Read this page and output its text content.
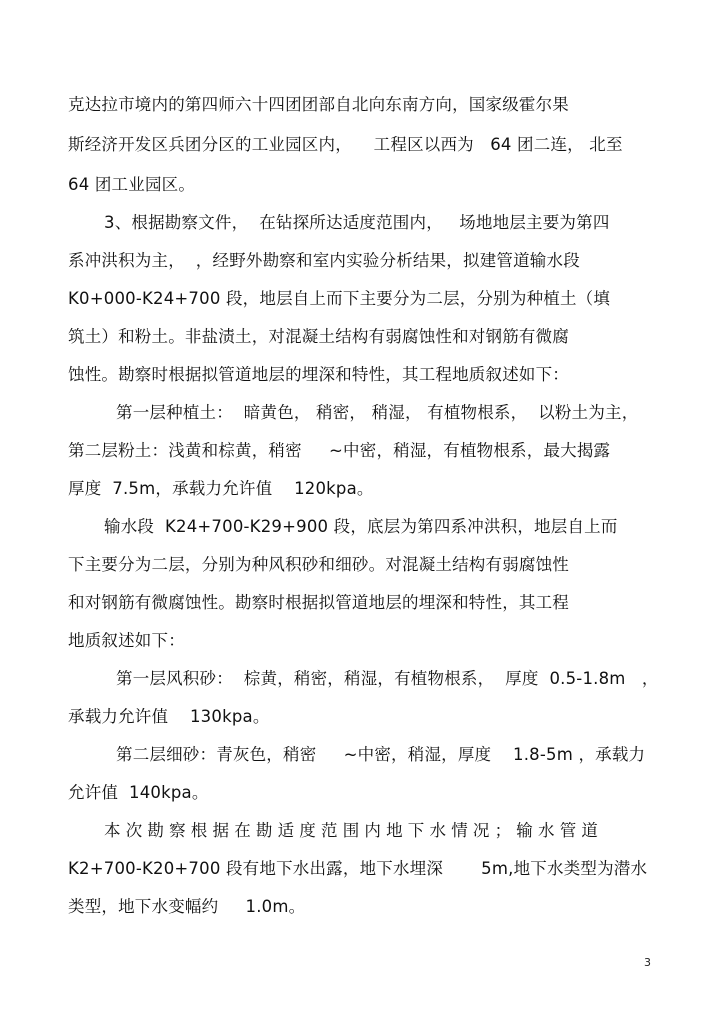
克达拉市境内的第四师六十四团团部自北向东南方向，国家级霍尔果
斯经济开发区兵团分区的工业园区内，    工程区以西为   64 团二连， 北至
64 团工业园区。
3、根据勘察文件，  在钻探所达适度范围内，   场地地层主要为第四
系冲洪积为主，  ，经野外勘察和室内实验分析结果，拟建管道输水段
K0+000-K24+700 段，地层自上而下主要分为二层，分别为种植土（填
筑土）和粉土。非盐渍土，对混凝土结构有弱腐蚀性和对钢筋有微腐
蚀性。勘察时根据拟管道地层的埋深和特性，其工程地质叙述如下：
第一层种植土：  暗黄色， 稍密， 稍湿， 有植物根系，  以粉土为主，
第二层粉土：浅黄和棕黄，稍密     ~中密，稍湿，有植物根系，最大揭露
厚度  7.5m，承载力允许值    120kpa。
输水段  K24+700-K29+900 段，底层为第四系冲洪积，地层自上而
下主要分为二层，分别为种风积砂和细砂。对混凝土结构有弱腐蚀性
和对钢筋有微腐蚀性。勘察时根据拟管道地层的埋深和特性，其工程
地质叙述如下：
第一层风积砂：  棕黄，稍密，稍湿，有植物根系，  厚度  0.5-1.8m   ，
承载力允许值    130kpa。
第二层细砂：青灰色，稍密     ~中密，稍湿，厚度    1.8-5m ，承载力
允许值  140kpa。
本次勘察根据在勘适度范围内地下水情况；输水管道
K2+700-K20+700 段有地下水出露，地下水埋深       5m,地下水类型为潜水
类型，地下水变幅约     1.0m。
3
